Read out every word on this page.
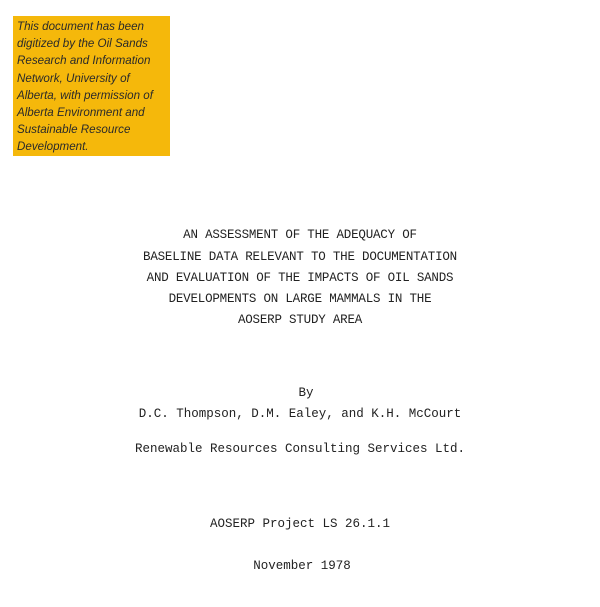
This document has been digitized by the Oil Sands Research and Information Network, University of Alberta, with permission of Alberta Environment and Sustainable Resource Development.

AN ASSESSMENT OF THE ADEQUACY OF
BASELINE DATA RELEVANT TO THE DOCUMENTATION
AND EVALUATION OF THE IMPACTS OF OIL SANDS
DEVELOPMENTS ON LARGE MAMMALS IN THE
AOSERP STUDY AREA
By
D.C. Thompson, D.M. Ealey, and K.H. McCourt
Renewable Resources Consulting Services Ltd.
AOSERP Project LS 26.1.1
November 1978
